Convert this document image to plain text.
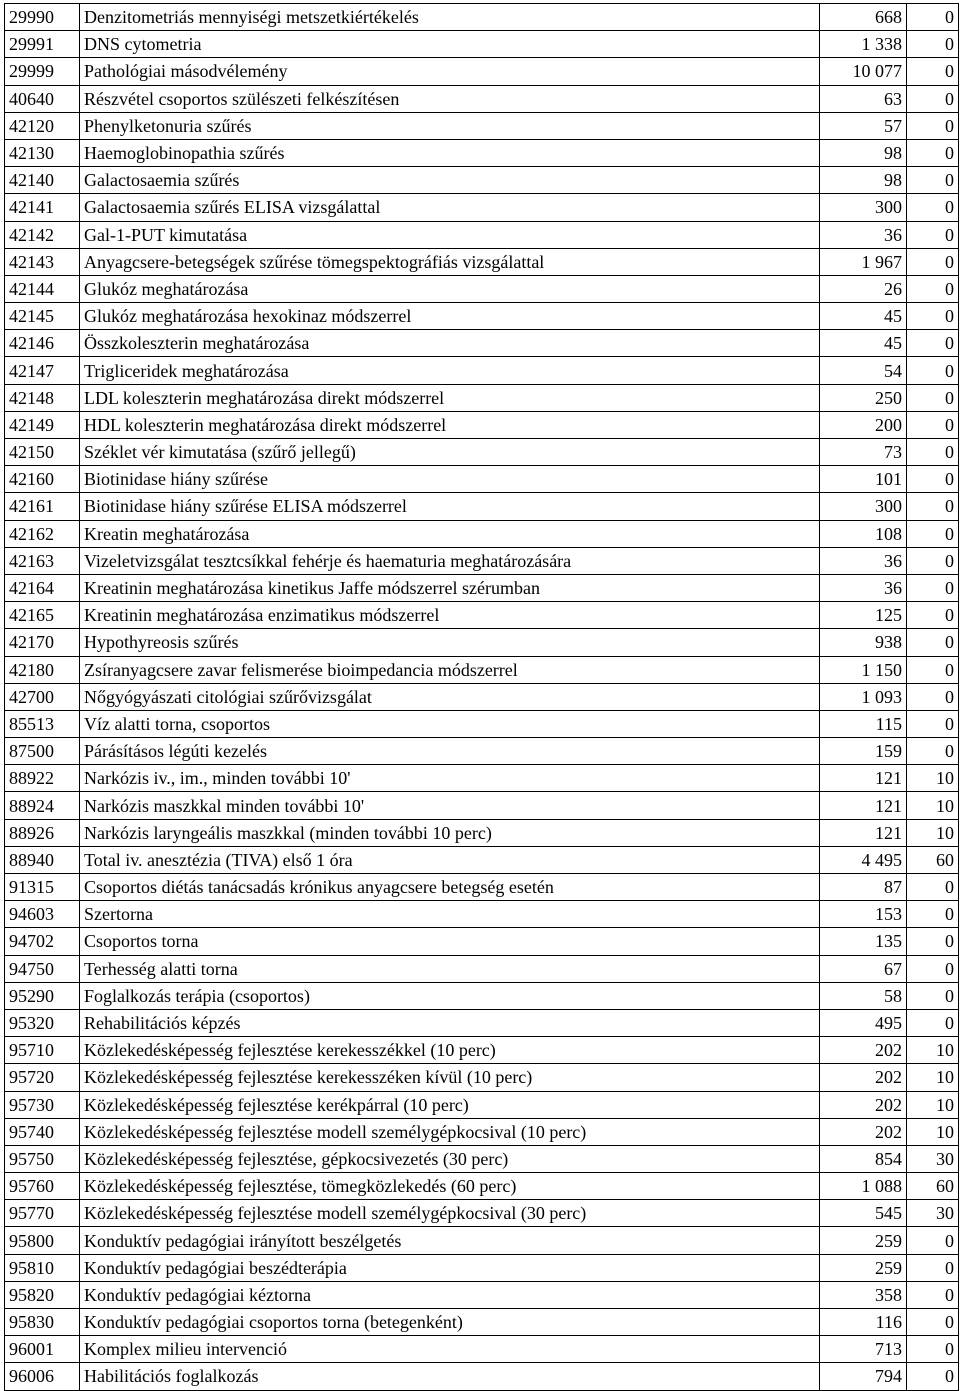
29990	Denzitometriás mennyiségi metszetkiértékelés	668	0
29991	DNS cytometria	1 338	0
29999	Pathológiai másodvélemény	10 077	0
40640	Részvétel csoportos szülészeti felkészítésen	63	0
42120	Phenylketonuria szűrés	57	0
42130	Haemoglobinopathia szűrés	98	0
42140	Galactosaemia szűrés	98	0
42141	Galactosaemia szűrés ELISA vizsgálattal	300	0
42142	Gal-1-PUT kimutatása	36	0
42143	Anyagcsere-betegségek szűrése tömegspektográfiás vizsgálattal	1 967	0
42144	Glukóz meghatározása	26	0
42145	Glukóz meghatározása hexokinaz módszerrel	45	0
42146	Összkoleszterin meghatározása	45	0
42147	Trigliceridek meghatározása	54	0
42148	LDL koleszterin meghatározása direkt módszerrel	250	0
42149	HDL koleszterin meghatározása direkt módszerrel	200	0
42150	Széklet vér kimutatása (szűrő jellegű)	73	0
42160	Biotinidase hiány szűrése	101	0
42161	Biotinidase hiány szűrése ELISA módszerrel	300	0
42162	Kreatin meghatározása	108	0
42163	Vizeletvizsgálat tesztcsíkkal fehérje és haematuria meghatározására	36	0
42164	Kreatinin meghatározása kinetikus Jaffe módszerrel szérumban	36	0
42165	Kreatinin meghatározása enzimatikus módszerrel	125	0
42170	Hypothyreosis szűrés	938	0
42180	Zsíranyagcsere zavar felismerése bioimpedancia módszerrel	1 150	0
42700	Nőgyógyászati citológiai szűrővizsgálat	1 093	0
85513	Víz alatti torna, csoportos	115	0
87500	Párásításos légúti kezelés	159	0
88922	Narkózis iv., im., minden további 10'	121	10
88924	Narkózis maszkkal minden további 10'	121	10
88926	Narkózis laryngeális maszkkal (minden további 10 perc)	121	10
88940	Total iv. anesztézia (TIVA) első 1 óra	4 495	60
91315	Csoportos diétás tanácsadás krónikus anyagcsere betegség esetén	87	0
94603	Szertorna	153	0
94702	Csoportos torna	135	0
94750	Terhesség alatti torna	67	0
95290	Foglalkozás terápia (csoportos)	58	0
95320	Rehabilitációs képzés	495	0
95710	Közlekedésképesség fejlesztése kerekesszékkel (10 perc)	202	10
95720	Közlekedésképesség fejlesztése kerekesszéken kívül (10 perc)	202	10
95730	Közlekedésképesség fejlesztése kerékpárral (10 perc)	202	10
95740	Közlekedésképesség fejlesztése modell személygépkocsival (10 perc)	202	10
95750	Közlekedésképesség fejlesztése, gépkocsivezetés (30 perc)	854	30
95760	Közlekedésképesség fejlesztése, tömegközlekedés (60 perc)	1 088	60
95770	Közlekedésképesség fejlesztése modell személygépkocsival (30 perc)	545	30
95800	Konduktív pedagógiai irányított beszélgetés	259	0
95810	Konduktív pedagógiai beszédterápia	259	0
95820	Konduktív pedagógiai kéztorna	358	0
95830	Konduktív pedagógiai csoportos torna (betegenként)	116	0
96001	Komplex milieu intervenció	713	0
96006	Habilitációs foglalkozás	794	0
